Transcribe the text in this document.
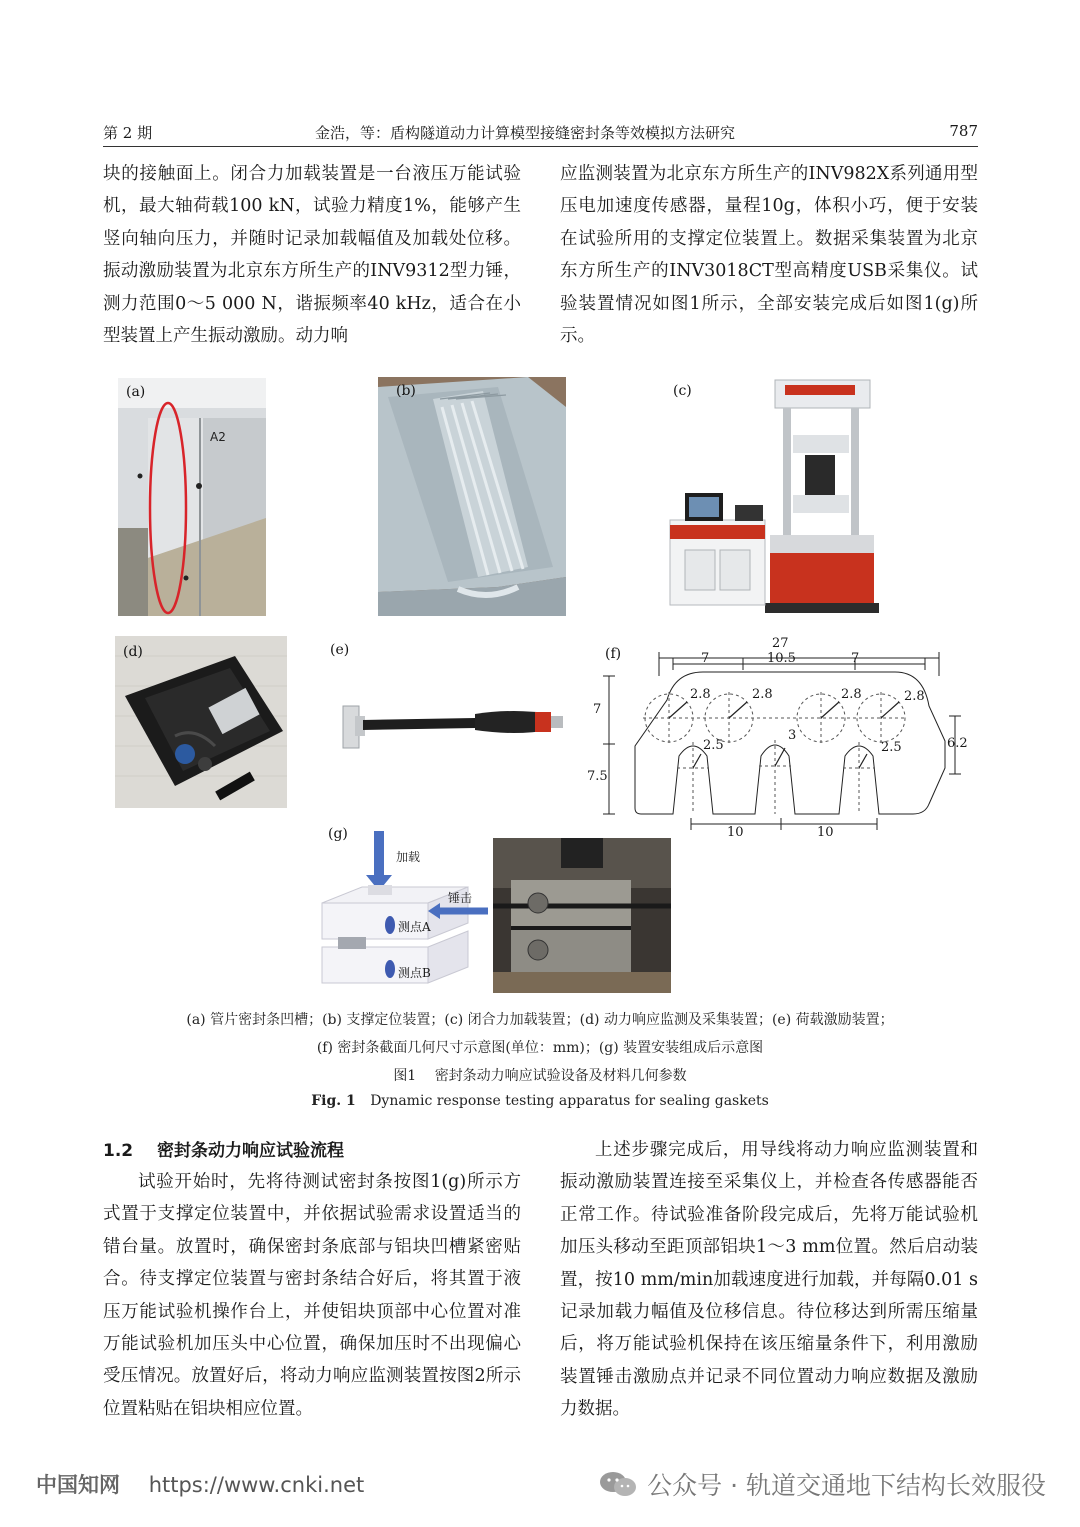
第 2 期	金浩，等：盾构隧道动力计算模型接缝密封条等效模拟方法研究	787

块的接触面上。闭合力加载装置是一台液压万能试验机，最大轴荷载100 kN，试验力精度1%，能够产生竖向轴向压力，并随时记录加载幅值及加载处位移。振动激励装置为北京东方所生产的INV9312型力锤，测力范围0～5 000 N，谐振频率40 kHz，适合在小型装置上产生振动激励。动力响

应监测装置为北京东方所生产的INV982X系列通用型压电加速度传感器，量程10g，体积小巧，便于安装在试验所用的支撑定位装置上。数据采集装置为北京东方所生产的INV3018CT型高精度USB采集仪。试验装置情况如图1所示，全部安装完成后如图1(g)所示。

(a)
A2
(b)	(c)
(d)	(e)	(f)
27
7	10.5	7
2.8	2.8	2.8	2.8
2.5
3
2.5
7
7.5
6.2
10	10
(g)
加载
锤击
测点A
测点B
(a) 管片密封条凹槽；(b) 支撑定位装置；(c) 闭合力加载装置；(d) 动力响应监测及采集装置；(e) 荷载激励装置；
(f) 密封条截面几何尺寸示意图(单位：mm)；(g) 装置安装组成后示意图
图1 密封条动力响应试验设备及材料几何参数
Fig. 1 Dynamic response testing apparatus for sealing gaskets
1.2 密封条动力响应试验流程

试验开始时，先将待测试密封条按图1(g)所示方式置于支撑定位装置中，并依据试验需求设置适当的错台量。放置时，确保密封条底部与铝块凹槽紧密贴合。待支撑定位装置与密封条结合好后，将其置于液压万能试验机操作台上，并使铝块顶部中心位置对准万能试验机加压头中心位置，确保加压时不出现偏心受压情况。放置好后，将动力响应监测装置按图2所示位置粘贴在铝块相应位置。

上述步骤完成后，用导线将动力响应监测装置和振动激励装置连接至采集仪上，并检查各传感器能否正常工作。待试验准备阶段完成后，先将万能试验机加压头移动至距顶部铝块1～3 mm位置。然后启动装置，按10 mm/min加载速度进行加载，并每隔0.01 s记录加载力幅值及位移信息。待位移达到所需压缩量后，将万能试验机保持在该压缩量条件下，利用激励装置锤击激励点并记录不同位置动力响应数据及激励力数据。

中国知网 https://www.cnki.net	公众号 · 轨道交通地下结构长效服役
